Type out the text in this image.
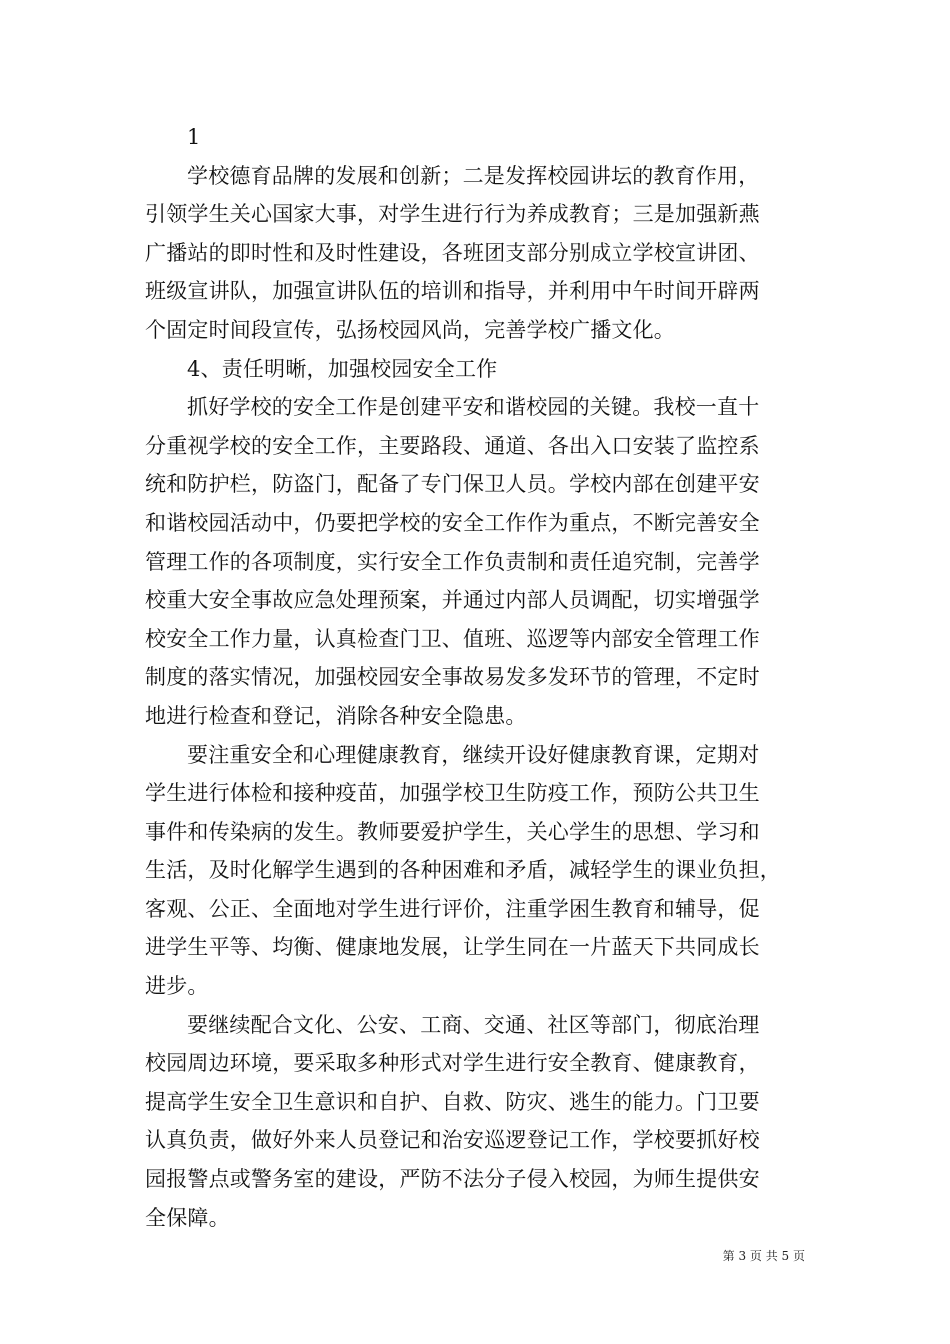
1
学校德育品牌的发展和创新；二是发挥校园讲坛的教育作用，
引领学生关心国家大事，对学生进行行为养成教育；三是加强新燕
广播站的即时性和及时性建设，各班团支部分别成立学校宣讲团、
班级宣讲队，加强宣讲队伍的培训和指导，并利用中午时间开辟两
个固定时间段宣传，弘扬校园风尚，完善学校广播文化。
4、责任明晰，加强校园安全工作
抓好学校的安全工作是创建平安和谐校园的关键。我校一直十
分重视学校的安全工作，主要路段、通道、各出入口安装了监控系
统和防护栏，防盗门，配备了专门保卫人员。学校内部在创建平安
和谐校园活动中，仍要把学校的安全工作作为重点，不断完善安全
管理工作的各项制度，实行安全工作负责制和责任追究制，完善学
校重大安全事故应急处理预案，并通过内部人员调配，切实增强学
校安全工作力量，认真检查门卫、值班、巡逻等内部安全管理工作
制度的落实情况，加强校园安全事故易发多发环节的管理，不定时
地进行检查和登记，消除各种安全隐患。
要注重安全和心理健康教育，继续开设好健康教育课，定期对
学生进行体检和接种疫苗，加强学校卫生防疫工作，预防公共卫生
事件和传染病的发生。教师要爱护学生，关心学生的思想、学习和
生活，及时化解学生遇到的各种困难和矛盾，减轻学生的课业负担，
客观、公正、全面地对学生进行评价，注重学困生教育和辅导，促
进学生平等、均衡、健康地发展，让学生同在一片蓝天下共同成长
进步。
要继续配合文化、公安、工商、交通、社区等部门，彻底治理
校园周边环境，要采取多种形式对学生进行安全教育、健康教育，
提高学生安全卫生意识和自护、自救、防灾、逃生的能力。门卫要
认真负责，做好外来人员登记和治安巡逻登记工作，学校要抓好校
园报警点或警务室的建设，严防不法分子侵入校园，为师生提供安
全保障。
第 3 页 共 5 页
